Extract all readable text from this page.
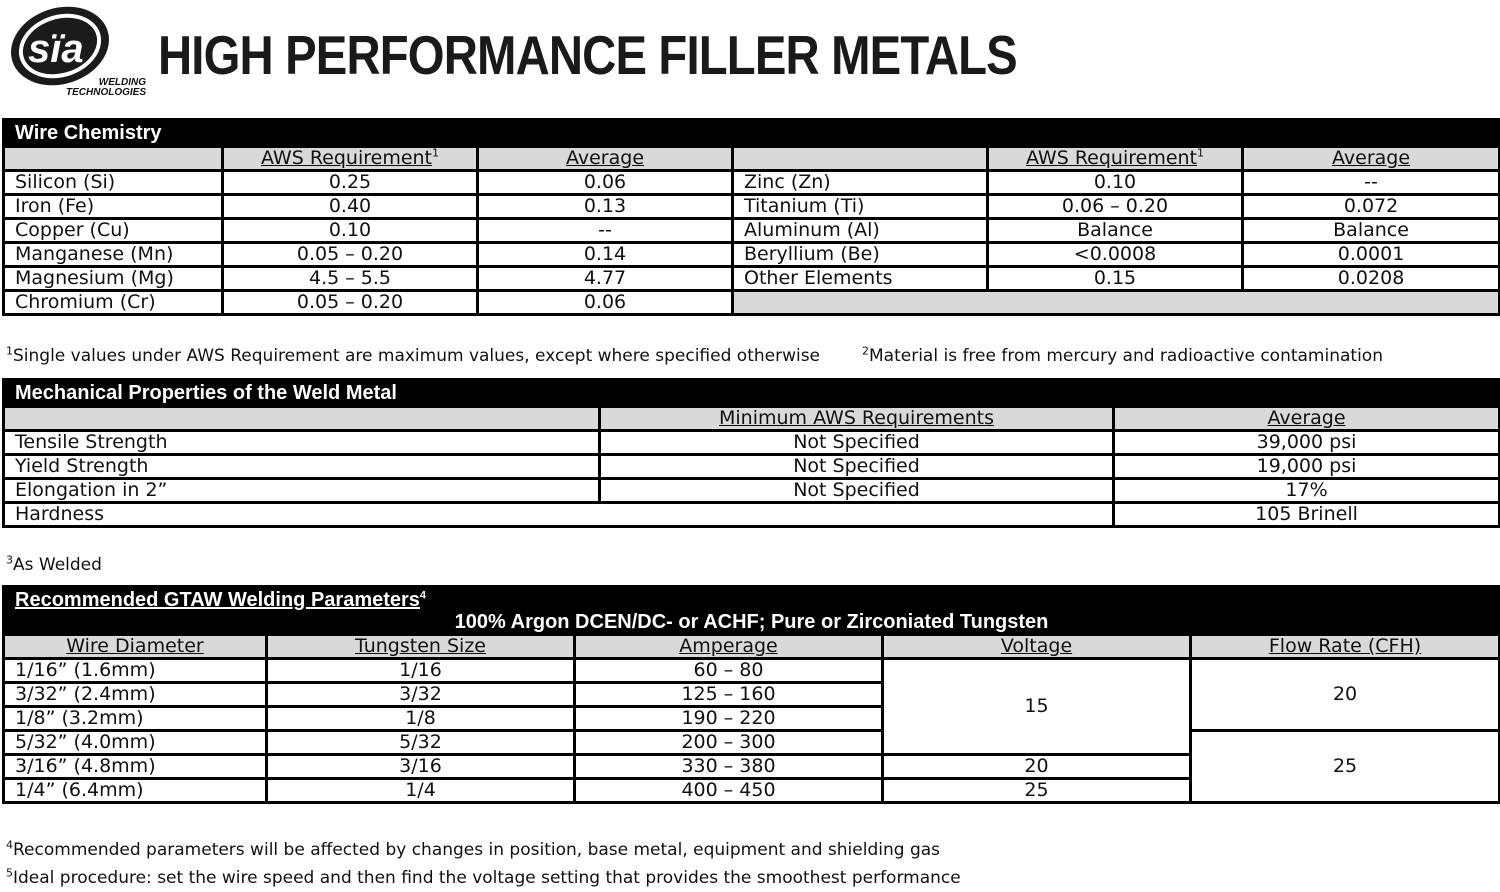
sïa
WELDING
TECHNOLOGIES
HIGH PERFORMANCE FILLER METALS
Wire Chemistry					
	AWS Requirement$^1$	Average		AWS Requirement$^1$	Average
Silicon (Si)	0.25	0.06	Zinc (Zn)	0.10	--
Iron (Fe)	0.40	0.13	Titanium (Ti)	0.06 – 0.20	0.072
Copper (Cu)	0.10	--	Aluminum (Al)	Balance	Balance
Manganese (Mn)	0.05 – 0.20	0.14	Beryllium (Be)	<0.0008	0.0001
Magnesium (Mg)	4.5 – 5.5	4.77	Other Elements	0.15	0.0208
Chromium (Cr)	0.05 – 0.20	0.06			
$^1$Single values under AWS Requirement are maximum values, except where specified otherwise	$^2$Material is free from mercury and radioactive contamination
Mechanical Properties of the Weld Metal		
	Minimum AWS Requirements	Average
Tensile Strength	Not Specified	39,000 psi
Yield Strength	Not Specified	19,000 psi
Elongation in 2”	Not Specified	17%
Hardness		105 Brinell
$^3$As Welded
Recommended GTAW Welding Parameters$^4$
100% Argon DCEN/DC- or ACHF; Pure or Zirconiated Tungsten				
Wire Diameter	Tungsten Size	Amperage	Voltage	Flow Rate (CFH)
1/16” (1.6mm)	1/16	60 – 80	15	20
3/32” (2.4mm)	3/32	125 – 160		
1/8” (3.2mm)	1/8	190 – 220		
5/32” (4.0mm)	5/32	200 – 300		25
3/16” (4.8mm)	3/16	330 – 380	20	
1/4” (6.4mm)	1/4	400 – 450	25	
$^4$Recommended parameters will be affected by changes in position, base metal, equipment and shielding gas
$^5$Ideal procedure: set the wire speed and then find the voltage setting that provides the smoothest performance
